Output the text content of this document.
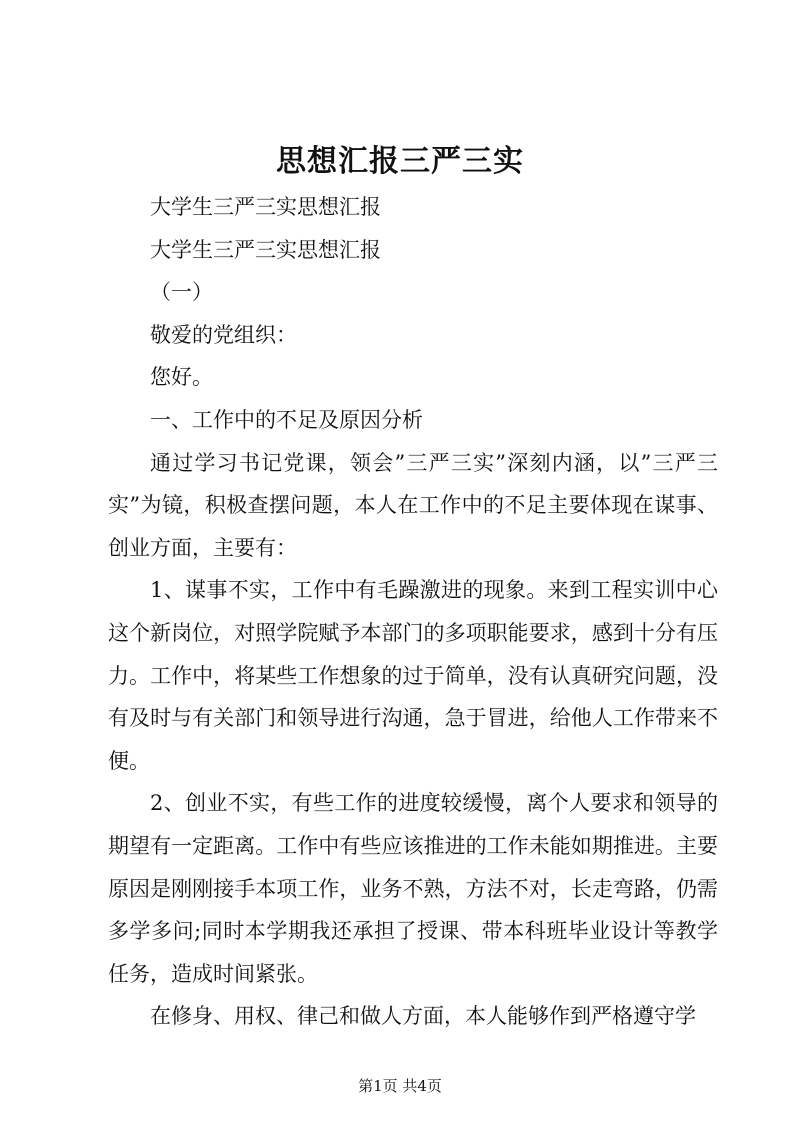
思想汇报三严三实

大学生三严三实思想汇报

大学生三严三实思想汇报

（一）

敬爱的党组织：

您好。

一、工作中的不足及原因分析

通过学习书记党课，领会”三严三实”深刻内涵，以”三严三实”为镜，积极查摆问题，本人在工作中的不足主要体现在谋事、创业方面，主要有：

1、谋事不实，工作中有毛躁激进的现象。来到工程实训中心这个新岗位，对照学院赋予本部门的多项职能要求，感到十分有压力。工作中，将某些工作想象的过于简单，没有认真研究问题，没有及时与有关部门和领导进行沟通，急于冒进，给他人工作带来不便。

2、创业不实，有些工作的进度较缓慢，离个人要求和领导的期望有一定距离。工作中有些应该推进的工作未能如期推进。主要原因是刚刚接手本项工作，业务不熟，方法不对，长走弯路，仍需多学多问;同时本学期我还承担了授课、带本科班毕业设计等教学任务，造成时间紧张。

在修身、用权、律己和做人方面，本人能够作到严格遵守学

第1页 共4页
